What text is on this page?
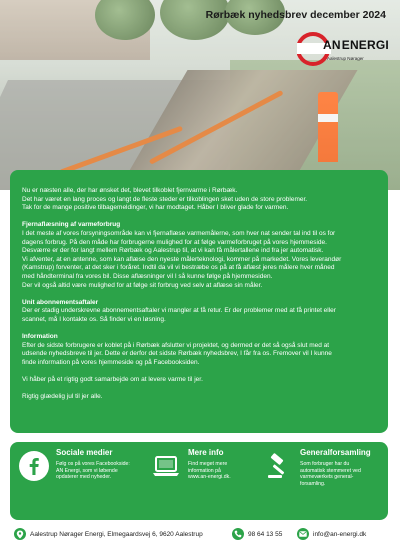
Rørbæk nyhedsbrev december 2024
ANENERGI
Aalestrup Nørager

Nu er næsten alle, der har ønsket det, blevet tilkoblet fjernvarme i Rørbæk.

Det har været en lang proces og langt de fleste steder er tilkoblingen sket uden de store problemer.

Tak for de mange positive tilbagemeldinger, vi har modtaget. Håber I bliver glade for varmen.

Fjernaflæsning af varmeforbrug

I det meste af vores forsyningsområde kan vi fjernaflæse varmemålerne, som hver nat sender tal ind til os for

dagens forbrug. På den måde har forbrugerne mulighed for at følge varmeforbruget på vores hjemmeside.

Desværre er der for langt mellem Rørbæk og Aalestrup til, at vi kan få målertallene ind fra jer automatisk.

Vi afventer, at en antenne, som kan aflæse den nyeste målerteknologi, kommer på markedet. Vores leverandør

(Kamstrup) forventer, at det sker i foråret. Indtil da vil vi bestræbe os på at få aflæst jeres målere hver måned

med håndterminal fra vores bil. Disse aflæsninger vil I så kunne følge på hjemmesiden.

Der vil også altid være mulighed for at følge sit forbrug ved selv at aflæse sin måler.

Unit abonnementsaftaler

Der er stadig underskrevne abonnementsaftaler vi mangler at få retur. Er der problemer med at få printet eller

scannet, må I kontakte os. Så finder vi en løsning.

Information

Efter de sidste forbrugere er koblet på i Rørbæk afslutter vi projektet, og dermed er det så også slut med at

udsende nyhedsbreve til jer. Dette er derfor det sidste Rørbæk nyhedsbrev, I får fra os. Fremover vil I kunne

finde information på vores hjemmeside og på Facebooksiden.

Vi håber på et rigtig godt samarbejde om at levere varme til jer.

Rigtig glædelig jul til jer alle.

Sociale medier
Følg os på vores Facebookside:
AN Energi, som vi løbende
opdaterer med nyheder.
Mere info
Find meget mere
information på
www.an-energi.dk.
Generalforsamling
Som forbruger har du
automatisk stemmeret ved
varmeværkets general-
forsamling.
Aalestrup Nørager Energi, Elmegaardsvej 6, 9620 Aalestrup	98 64 13 55	info@an-energi.dk
